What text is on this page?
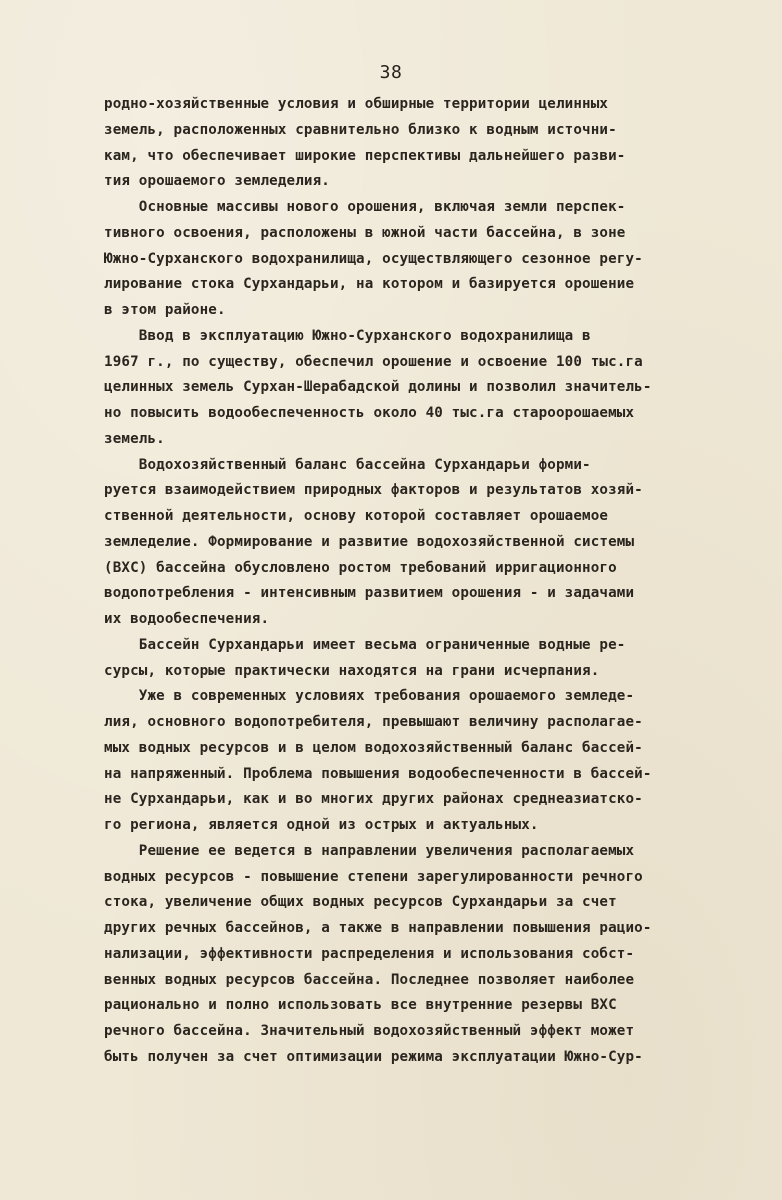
38
родно-хозяйственные условия и обширные территории целинных
земель, расположенных сравнительно близко к водным источни-
кам, что обеспечивает широкие перспективы дальнейшего разви-
тия орошаемого земледелия.
Основные массивы нового орошения, включая земли перспек-
тивного освоения, расположены в южной части бассейна, в зоне
Южно-Сурханского водохранилища, осуществляющего сезонное регу-
лирование стока Сурхандарьи, на котором и базируется орошение
в этом районе.
Ввод в эксплуатацию Южно-Сурханского водохранилища в
1967 г., по существу, обеспечил орошение и освоение 100 тыс.га
целинных земель Сурхан-Шерабадской долины и позволил значитель-
но повысить водообеспеченность около 40 тыс.га староорошаемых
земель.
Водохозяйственный баланс бассейна Сурхандарьи форми-
руется взаимодействием природных факторов и результатов хозяй-
ственной деятельности, основу которой составляет орошаемое
земледелие. Формирование и развитие водохозяйственной системы
(ВХС) бассейна обусловлено ростом требований ирригационного
водопотребления - интенсивным развитием орошения - и задачами
их водообеспечения.
Бассейн Сурхандарьи имеет весьма ограниченные водные ре-
сурсы, которые практически находятся на грани исчерпания.
Уже в современных условиях требования орошаемого земледе-
лия, основного водопотребителя, превышают величину располагае-
мых водных ресурсов и в целом водохозяйственный баланс бассей-
на напряженный. Проблема повышения водообеспеченности в бассей-
не Сурхандарьи, как и во многих других районах среднеазиатско-
го региона, является одной из острых и актуальных.
Решение ее ведется в направлении увеличения располагаемых
водных ресурсов - повышение степени зарегулированности речного
стока, увеличение общих водных ресурсов Сурхандарьи за счет
других речных бассейнов, а также в направлении повышения рацио-
нализации, эффективности распределения и использования собст-
венных водных ресурсов бассейна. Последнее позволяет наиболее
рационально и полно использовать все внутренние резервы ВХС
речного бассейна. Значительный водохозяйственный эффект может
быть получен за счет оптимизации режима эксплуатации Южно-Сур-
